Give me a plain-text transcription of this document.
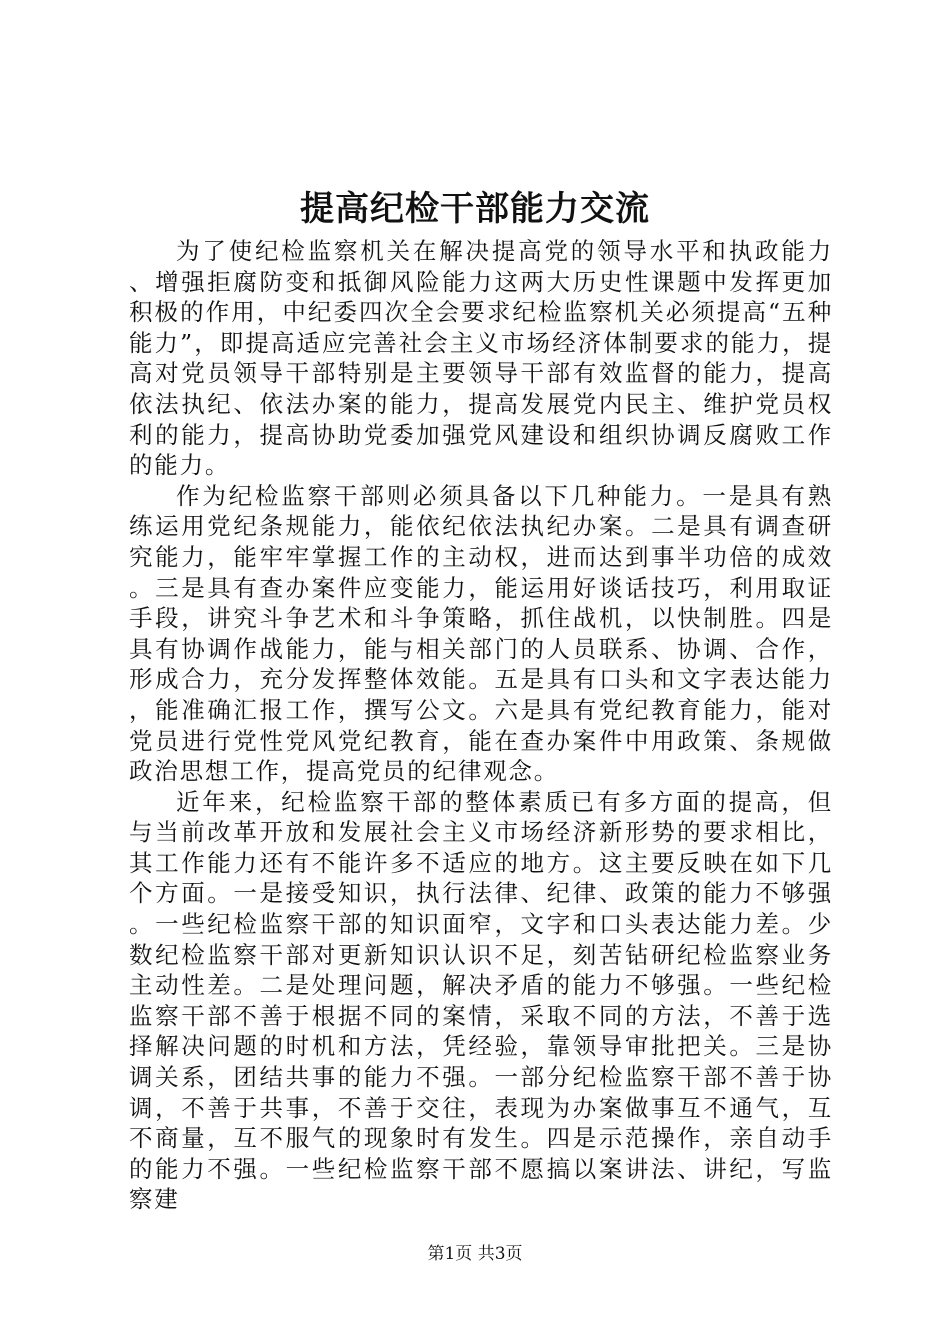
提高纪检干部能力交流

为了使纪检监察机关在解决提高党的领导水平和执政能力、增强拒腐防变和抵御风险能力这两大历史性课题中发挥更加积极的作用，中纪委四次全会要求纪检监察机关必须提高“五种能力”，即提高适应完善社会主义市场经济体制要求的能力，提高对党员领导干部特别是主要领导干部有效监督的能力，提高依法执纪、依法办案的能力，提高发展党内民主、维护党员权利的能力，提高协助党委加强党风建设和组织协调反腐败工作的能力。

作为纪检监察干部则必须具备以下几种能力。一是具有熟练运用党纪条规能力，能依纪依法执纪办案。二是具有调查研究能力，能牢牢掌握工作的主动权，进而达到事半功倍的成效。三是具有查办案件应变能力，能运用好谈话技巧，利用取证手段，讲究斗争艺术和斗争策略，抓住战机，以快制胜。四是具有协调作战能力，能与相关部门的人员联系、协调、合作，形成合力，充分发挥整体效能。五是具有口头和文字表达能力，能准确汇报工作，撰写公文。六是具有党纪教育能力，能对党员进行党性党风党纪教育，能在查办案件中用政策、条规做政治思想工作，提高党员的纪律观念。

近年来，纪检监察干部的整体素质已有多方面的提高，但与当前改革开放和发展社会主义市场经济新形势的要求相比，其工作能力还有不能许多不适应的地方。这主要反映在如下几个方面。一是接受知识，执行法律、纪律、政策的能力不够强。一些纪检监察干部的知识面窄，文字和口头表达能力差。少数纪检监察干部对更新知识认识不足，刻苦钻研纪检监察业务主动性差。二是处理问题，解决矛盾的能力不够强。一些纪检监察干部不善于根据不同的案情，采取不同的方法，不善于选择解决问题的时机和方法，凭经验，靠领导审批把关。三是协调关系，团结共事的能力不强。一部分纪检监察干部不善于协调，不善于共事，不善于交往，表现为办案做事互不通气，互不商量，互不服气的现象时有发生。四是示范操作，亲自动手的能力不强。一些纪检监察干部不愿搞以案讲法、讲纪，写监察建

第1页 共3页
